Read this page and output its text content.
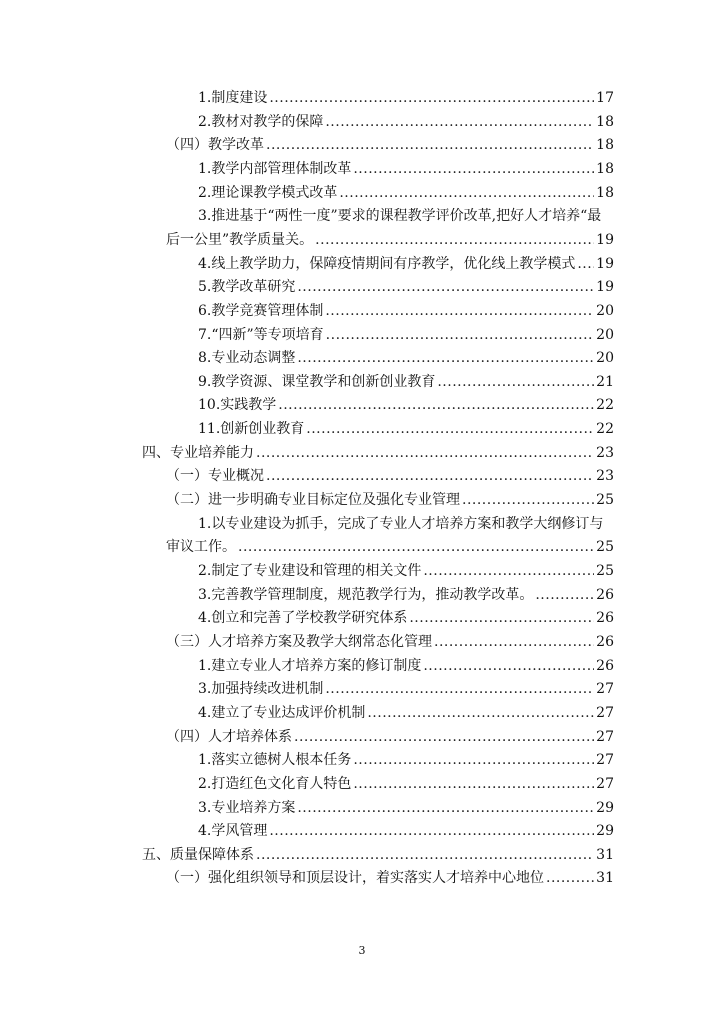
1.制度建设 .....	17
2.教材对教学的保障 .....	18
（四）教学改革 .....	18
1.教学内部管理体制改革 .....	18
2.理论课教学模式改革 .....	18
3.推进基于“两性一度”要求的课程教学评价改革,把好人才培养“最
后一公里”教学质量关。 .....	19
4.线上教学助力，保障疫情期间有序教学，优化线上教学模式 ..... 19
5.教学改革研究 .....	19
6.教学竞赛管理体制 .....	20
7.“四新”等专项培育 .....	20
8.专业动态调整 .....	20
9.教学资源、课堂教学和创新创业教育 .....	21
10.实践教学 .....	22
11.创新创业教育 .....	22
四、专业培养能力 .....	23
（一）专业概况 .....	23
（二）进一步明确专业目标定位及强化专业管理 .....	25
1.以专业建设为抓手，完成了专业人才培养方案和教学大纲修订与
审议工作。 .....	25
2.制定了专业建设和管理的相关文件 .....	25
3.完善教学管理制度，规范教学行为，推动教学改革。 .....	26
4.创立和完善了学校教学研究体系 .....	26
（三）人才培养方案及教学大纲常态化管理 .....	26
1.建立专业人才培养方案的修订制度 .....	26
3.加强持续改进机制 .....	27
4.建立了专业达成评价机制 .....	27
（四）人才培养体系 .....	27
1.落实立德树人根本任务 .....	27
2.打造红色文化育人特色 .....	27
3.专业培养方案 .....	29
4.学风管理 .....	29
五、质量保障体系 .....	31
（一）强化组织领导和顶层设计，着实落实人才培养中心地位 .....	31
3
